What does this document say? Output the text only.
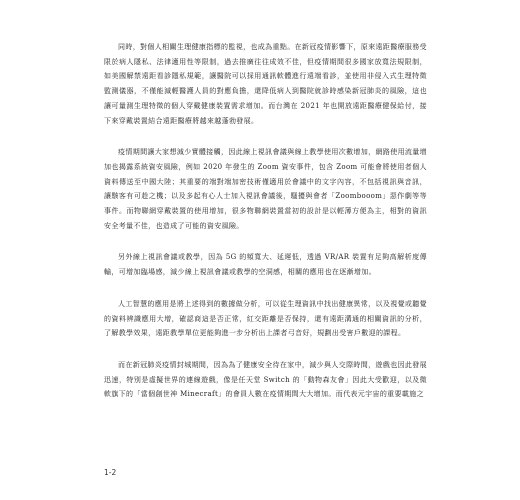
同時，對個人相關生理健康指標的監視，也成為重點。在新冠疫情影響下，原來遠距醫療服務受限於病人隱私、法律適用性等限制，過去推廣往往成效不佳，但疫情期間很多國家放寬法規限制，如美國解禁遠距看診隱私規範，讓醫院可以採用通訊軟體進行遠端看診，並使用非侵入式生理特徵監測儀器，不僅能減輕醫護人員的對應負擔，還降低病人到醫院就診時感染新冠肺炎的風險，這也讓可量測生理特徵的個人穿戴健康裝置需求增加。而台灣在 2021 年也開放遠距醫療健保給付，接下來穿戴裝置結合遠距醫療將越來越蓬勃發展。

疫情期間讓大家想減少實體接觸，因此線上視訊會議與線上教學使用次數增加，網路使用流量增加也揭露系統資安風險，例如 2020 年發生的 Zoom 資安事件，包含 Zoom 可能會將使用者個人資料傳送至中國大陸；其重要的端對端加密技術僅適用於會議中的文字內容，不包括視訊與音訊，讓駭客有可趁之機；以及多起有心人士加入視訊會議後，騷擾與會者「Zoombooom」惡作劇等等事件。而物聯網穿戴裝置的使用增加，很多物聯網裝置當初的設計是以輕薄方便為主，相對的資訊安全考量不佳，也造成了可能的資安風險。

另外線上視訊會議或教學，因為 5G 的頻寬大、延遲低，透過 VR/AR 裝置有足夠高解析度傳輸，可增加臨場感，減少線上視訊會議或教學的空洞感，相關的應用也在逐漸增加。

人工智慧的應用是將上述得到的數據做分析，可以從生理資訊中找出健康異常，以及視覺或聽覺的資料辨識應用大增，確認商這是否正常，紅交距離是否保持，還有遠距溝通的相關資訊的分析，了解教學效果，遠距教學單位更能夠進一步分析出上課者弓音好，規劃出受害戶數迎的課程。

而在新冠肺炎疫情封城期間，因為為了健康安全待在家中，減少與人交際時間，遊戲也因此發展迅速，特別是虛擬世界的連線遊戲，像是任天堂 Switch 的「動物森友會」因此大受歡迎，以及微軟旗下的「當個創世神 Minecraft」的會員人數在疫情期間大大增加。而代表元宇宙的重要載施之

1-2
